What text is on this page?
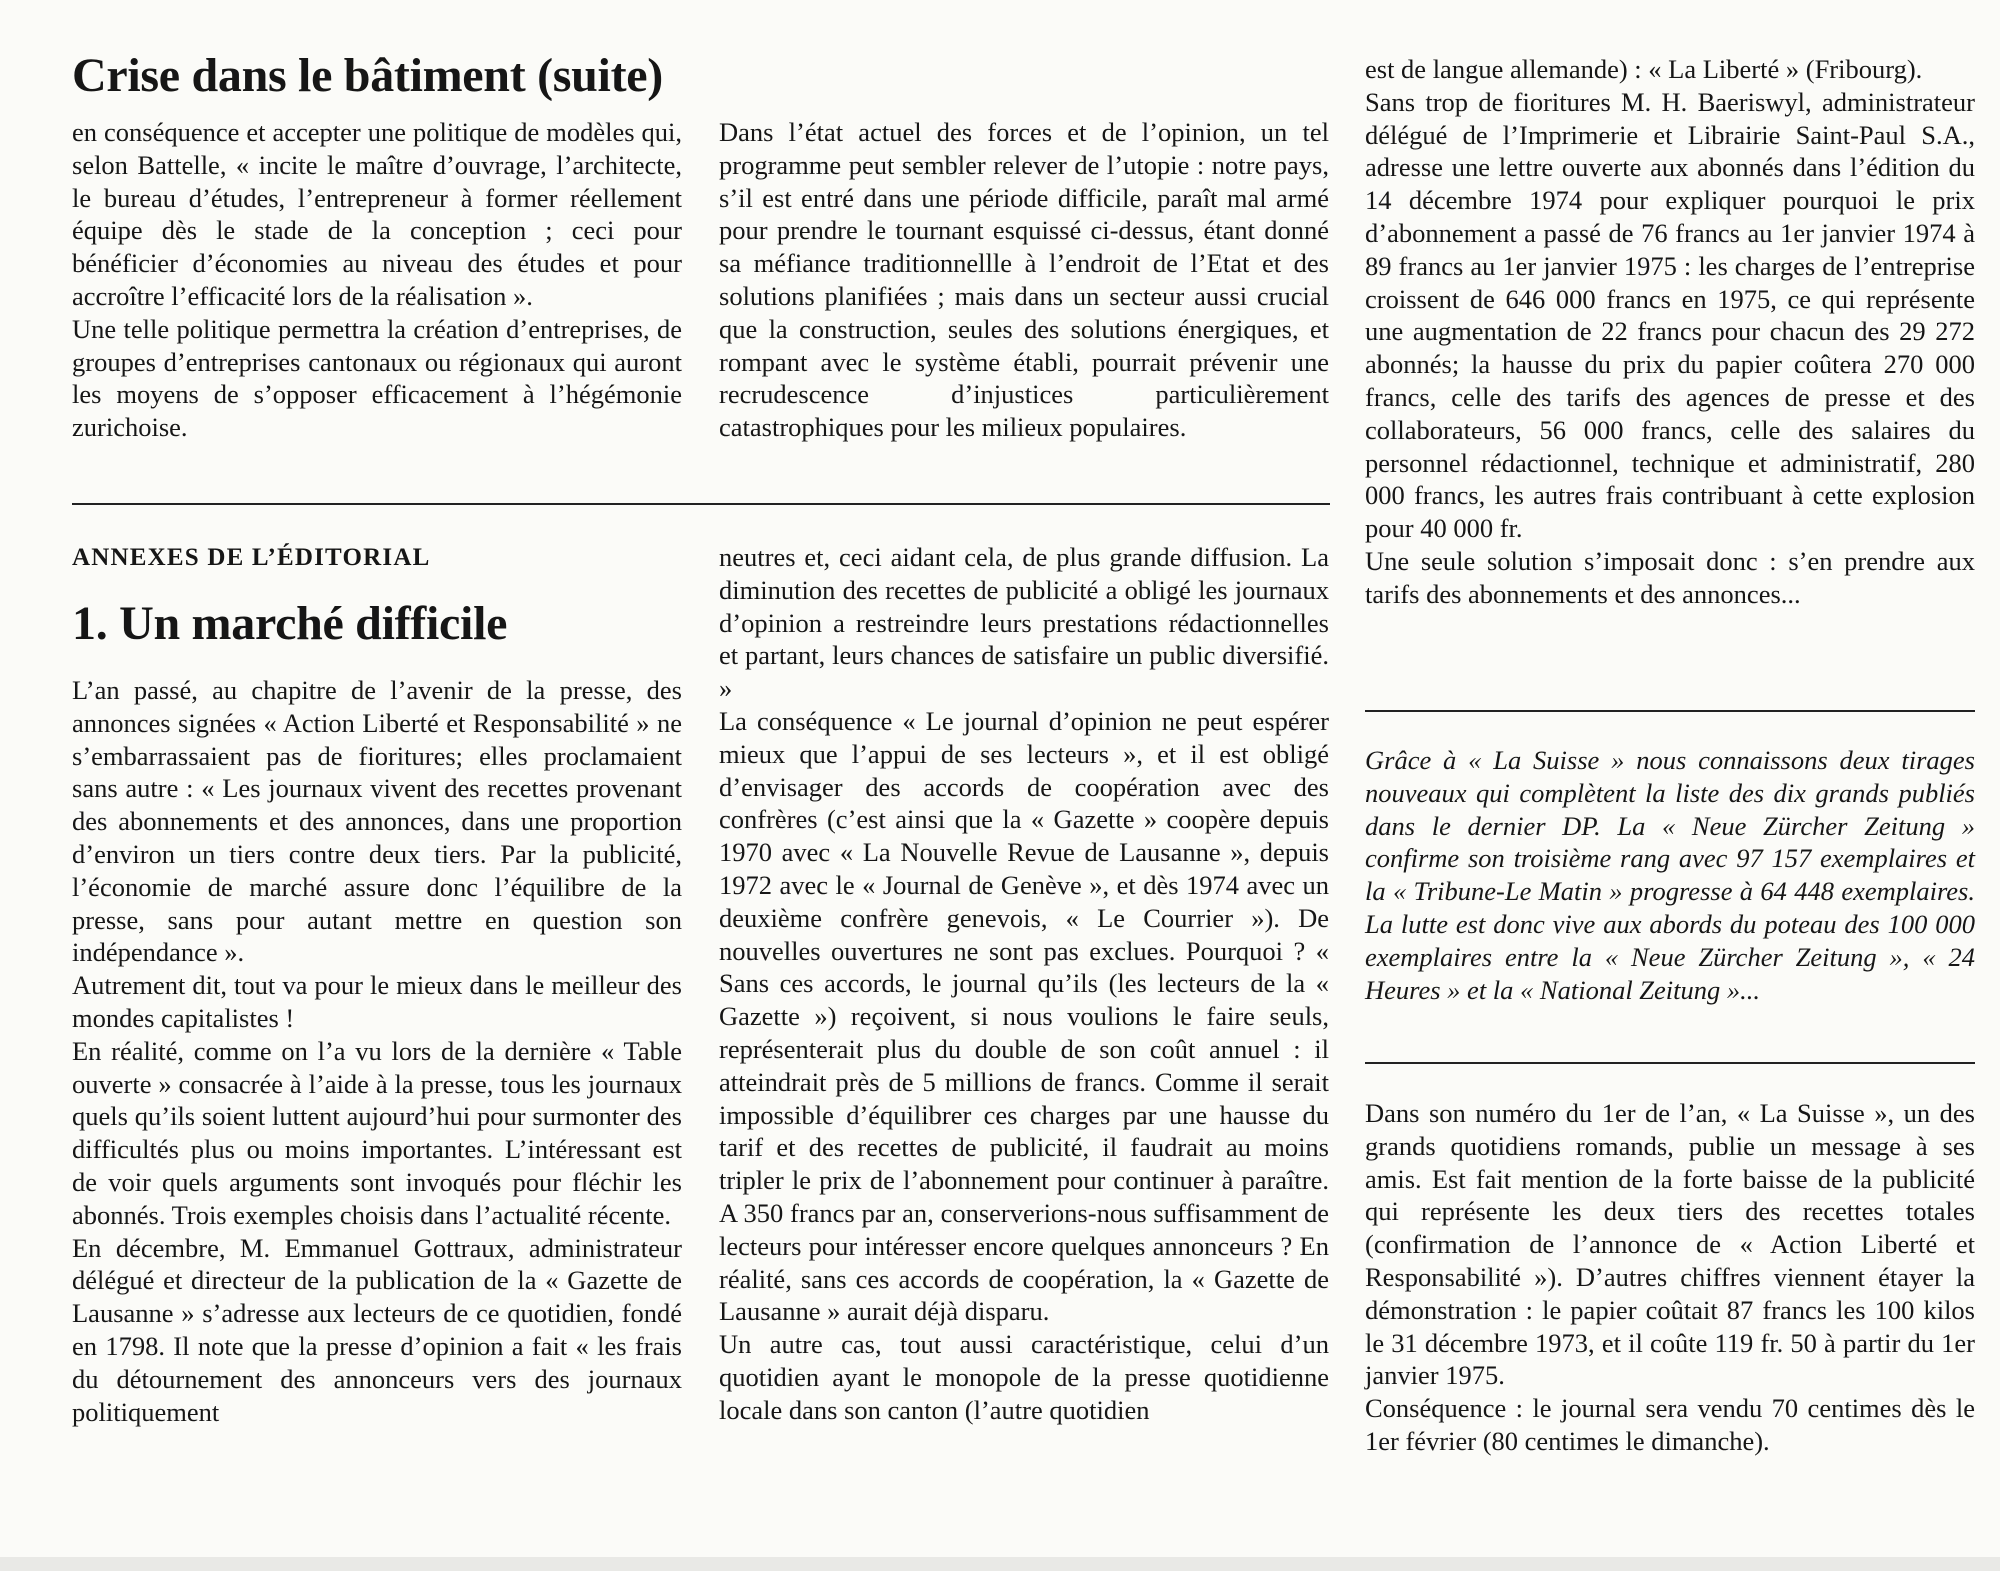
Crise dans le bâtiment (suite)

en conséquence et accepter une politique de modèles qui, selon Battelle, « incite le maître d’ouvrage, l’architecte, le bureau d’études, l’entrepreneur à former réellement équipe dès le stade de la conception ; ceci pour bénéficier d’économies au niveau des études et pour accroître l’efficacité lors de la réalisation ».

Une telle politique permettra la création d’entreprises, de groupes d’entreprises cantonaux ou régionaux qui auront les moyens de s’opposer efficacement à l’hégémonie zurichoise.

Dans l’état actuel des forces et de l’opinion, un tel programme peut sembler relever de l’utopie : notre pays, s’il est entré dans une période difficile, paraît mal armé pour prendre le tournant esquissé ci-dessus, étant donné sa méfiance traditionnellle à l’endroit de l’Etat et des solutions planifiées ; mais dans un secteur aussi crucial que la construction, seules des solutions énergiques, et rompant avec le système établi, pourrait prévenir une recrudescence d’injustices particulièrement catastrophiques pour les milieux populaires.

ANNEXES DE L’ÉDITORIAL
1. Un marché difficile

L’an passé, au chapitre de l’avenir de la presse, des annonces signées « Action Liberté et Responsabilité » ne s’embarrassaient pas de fioritures; elles proclamaient sans autre : « Les journaux vivent des recettes provenant des abonnements et des annonces, dans une proportion d’environ un tiers contre deux tiers. Par la publicité, l’économie de marché assure donc l’équilibre de la presse, sans pour autant mettre en question son indépendance ».

Autrement dit, tout va pour le mieux dans le meilleur des mondes capitalistes !

En réalité, comme on l’a vu lors de la dernière « Table ouverte » consacrée à l’aide à la presse, tous les journaux quels qu’ils soient luttent aujourd’hui pour surmonter des difficultés plus ou moins importantes. L’intéressant est de voir quels arguments sont invoqués pour fléchir les abonnés. Trois exemples choisis dans l’actualité récente.

En décembre, M. Emmanuel Gottraux, administrateur délégué et directeur de la publication de la « Gazette de Lausanne » s’adresse aux lecteurs de ce quotidien, fondé en 1798. Il note que la presse d’opinion a fait « les frais du détournement des annonceurs vers des journaux politiquement

neutres et, ceci aidant cela, de plus grande diffusion. La diminution des recettes de publicité a obligé les journaux d’opinion a restreindre leurs prestations rédactionnelles et partant, leurs chances de satisfaire un public diversifié. »

La conséquence « Le journal d’opinion ne peut espérer mieux que l’appui de ses lecteurs », et il est obligé d’envisager des accords de coopération avec des confrères (c’est ainsi que la « Gazette » coopère depuis 1970 avec « La Nouvelle Revue de Lausanne », depuis 1972 avec le « Journal de Genève », et dès 1974 avec un deuxième confrère genevois, « Le Courrier »). De nouvelles ouvertures ne sont pas exclues. Pourquoi ? « Sans ces accords, le journal qu’ils (les lecteurs de la « Gazette ») reçoivent, si nous voulions le faire seuls, représenterait plus du double de son coût annuel : il atteindrait près de 5 millions de francs. Comme il serait impossible d’équilibrer ces charges par une hausse du tarif et des recettes de publicité, il faudrait au moins tripler le prix de l’abonnement pour continuer à paraître. A 350 francs par an, conserverions-nous suffisamment de lecteurs pour intéresser encore quelques annonceurs ? En réalité, sans ces accords de coopération, la « Gazette de Lausanne » aurait déjà disparu.

Un autre cas, tout aussi caractéristique, celui d’un quotidien ayant le monopole de la presse quotidienne locale dans son canton (l’autre quotidien

est de langue allemande) : « La Liberté » (Fribourg).

Sans trop de fioritures M. H. Baeriswyl, administrateur délégué de l’Imprimerie et Librairie Saint-Paul S.A., adresse une lettre ouverte aux abonnés dans l’édition du 14 décembre 1974 pour expliquer pourquoi le prix d’abonnement a passé de 76 francs au 1er janvier 1974 à 89 francs au 1er janvier 1975 : les charges de l’entreprise croissent de 646 000 francs en 1975, ce qui représente une augmentation de 22 francs pour chacun des 29 272 abonnés; la hausse du prix du papier coûtera 270 000 francs, celle des tarifs des agences de presse et des collaborateurs, 56 000 francs, celle des salaires du personnel rédactionnel, technique et administratif, 280 000 francs, les autres frais contribuant à cette explosion pour 40 000 fr.

Une seule solution s’imposait donc : s’en prendre aux tarifs des abonnements et des annonces...

Grâce à « La Suisse » nous connaissons deux tirages nouveaux qui complètent la liste des dix grands publiés dans le dernier DP. La « Neue Zürcher Zeitung » confirme son troisième rang avec 97 157 exemplaires et la « Tribune-Le Matin » progresse à 64 448 exemplaires. La lutte est donc vive aux abords du poteau des 100 000 exemplaires entre la « Neue Zürcher Zeitung », « 24 Heures » et la « National Zeitung »...

Dans son numéro du 1er de l’an, « La Suisse », un des grands quotidiens romands, publie un message à ses amis. Est fait mention de la forte baisse de la publicité qui représente les deux tiers des recettes totales (confirmation de l’annonce de « Action Liberté et Responsabilité »). D’autres chiffres viennent étayer la démonstration : le papier coûtait 87 francs les 100 kilos le 31 décembre 1973, et il coûte 119 fr. 50 à partir du 1er janvier 1975.

Conséquence : le journal sera vendu 70 centimes dès le 1er février (80 centimes le dimanche).
